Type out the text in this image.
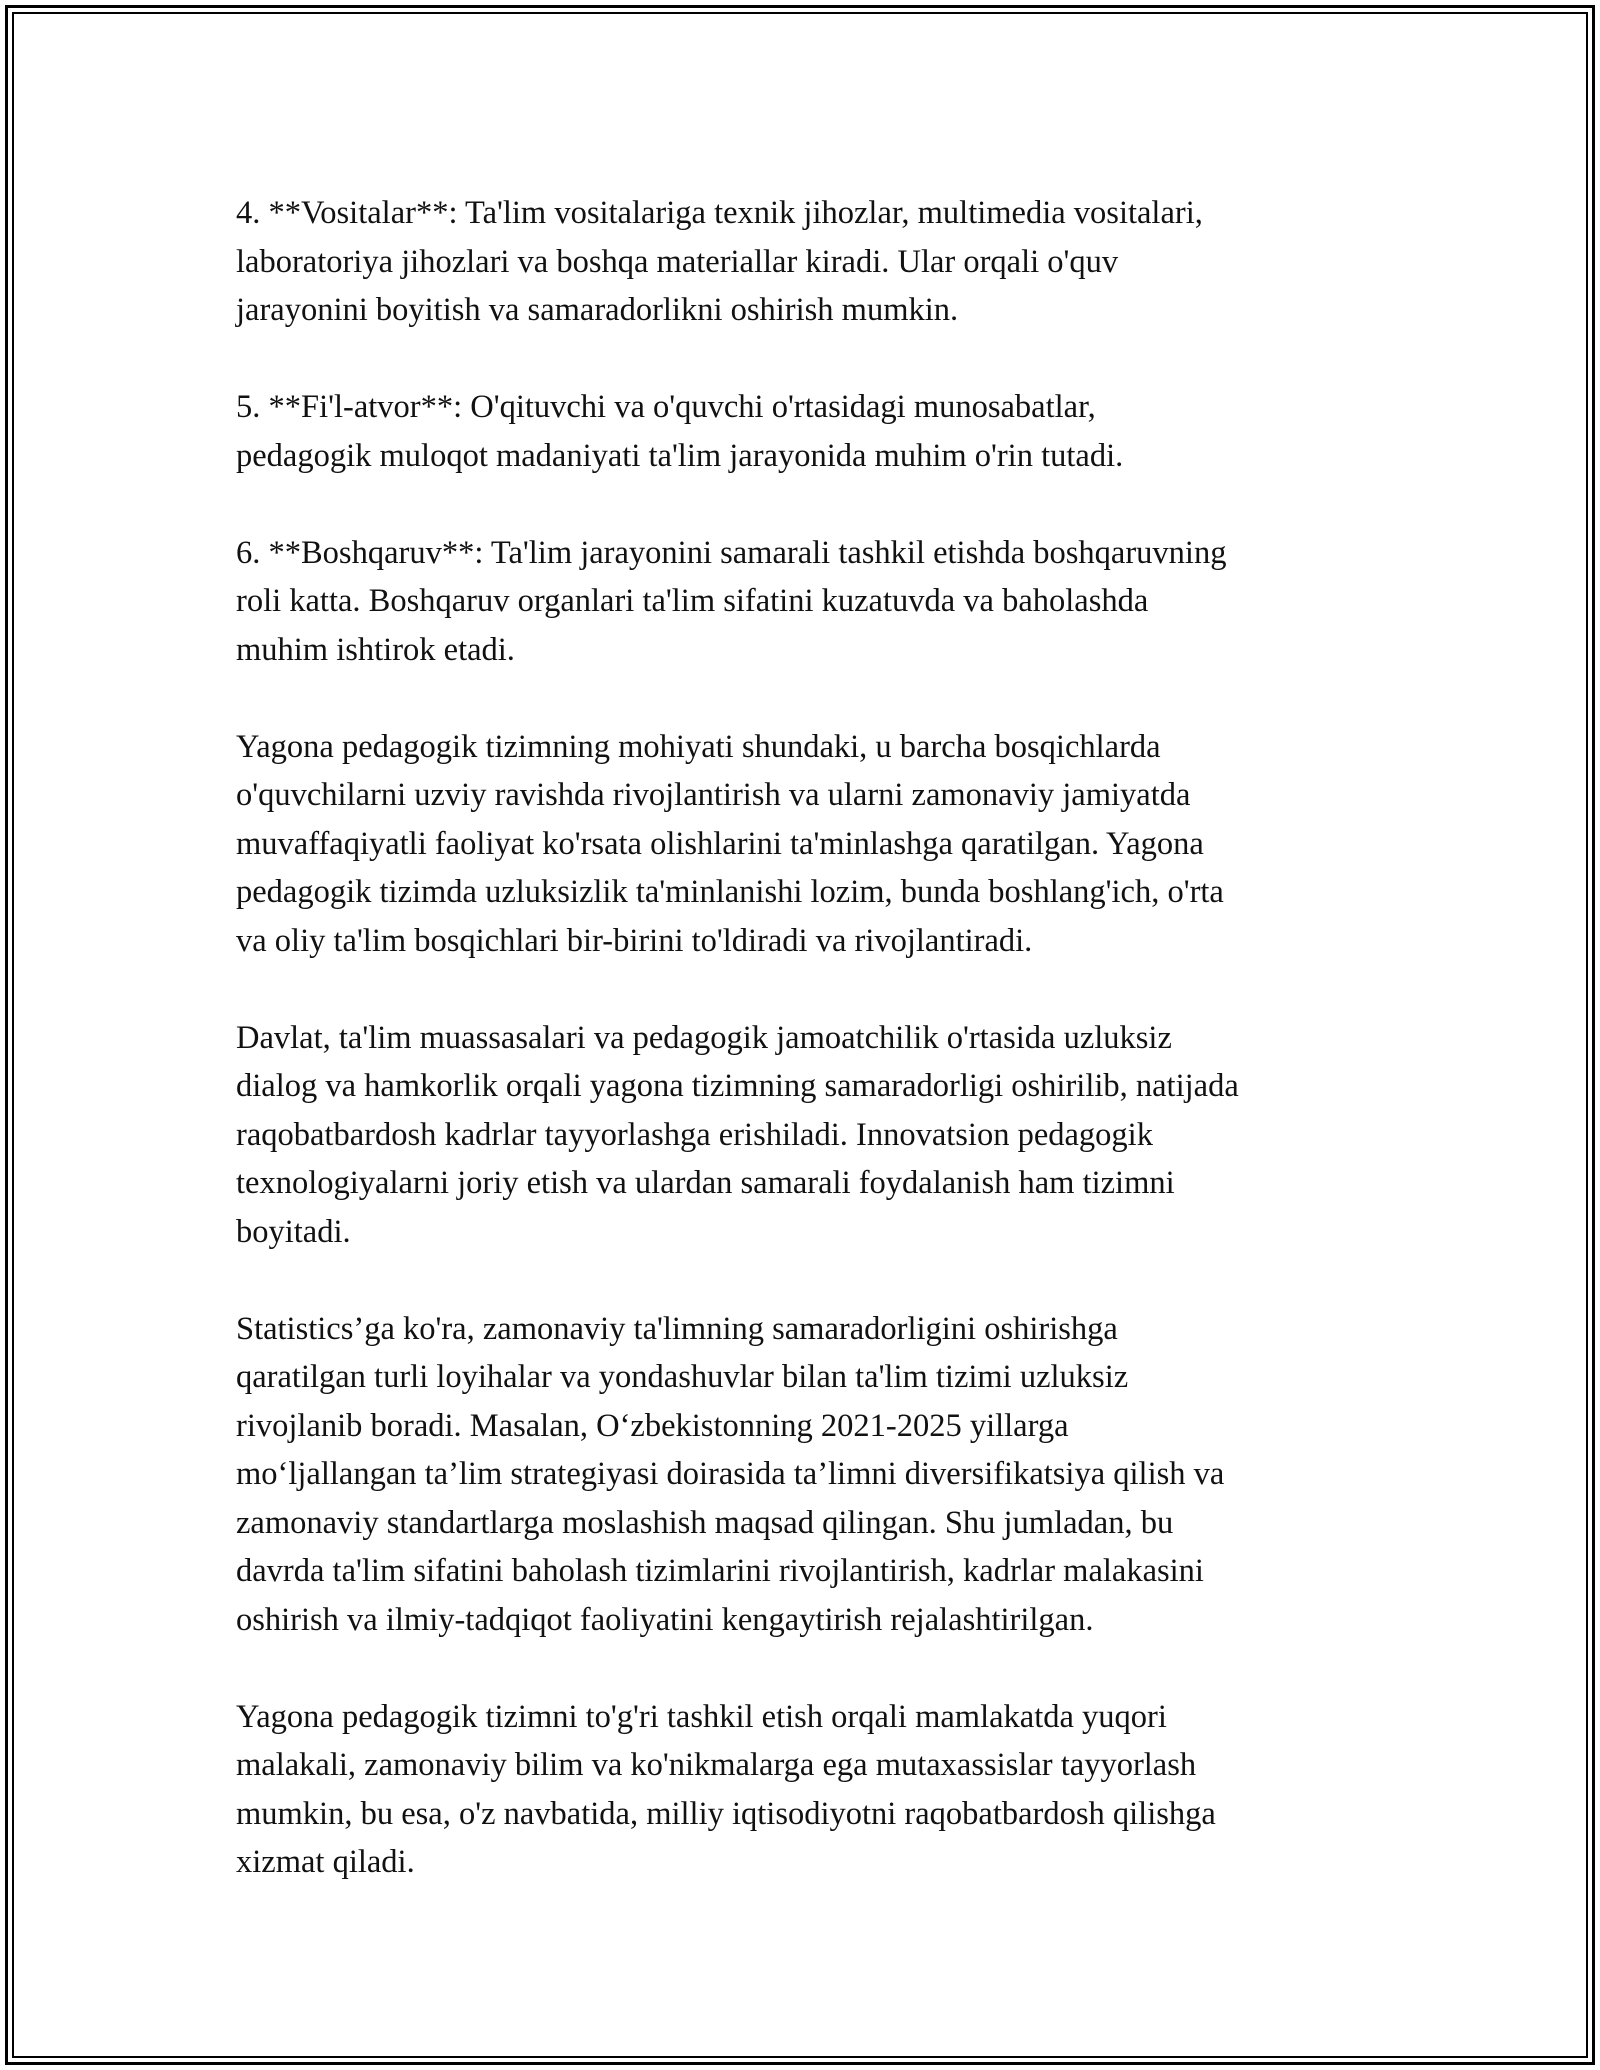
4. **Vositalar**: Ta'lim vositalariga texnik jihozlar, multimedia vositalari,
laboratoriya jihozlari va boshqa materiallar kiradi. Ular orqali o'quv
jarayonini boyitish va samaradorlikni oshirish mumkin.

5. **Fi'l-atvor**: O'qituvchi va o'quvchi o'rtasidagi munosabatlar,
pedagogik muloqot madaniyati ta'lim jarayonida muhim o'rin tutadi.

6. **Boshqaruv**: Ta'lim jarayonini samarali tashkil etishda boshqaruvning
roli katta. Boshqaruv organlari ta'lim sifatini kuzatuvda va baholashda
muhim ishtirok etadi.

Yagona pedagogik tizimning mohiyati shundaki, u barcha bosqichlarda
o'quvchilarni uzviy ravishda rivojlantirish va ularni zamonaviy jamiyatda
muvaffaqiyatli faoliyat ko'rsata olishlarini ta'minlashga qaratilgan. Yagona
pedagogik tizimda uzluksizlik ta'minlanishi lozim, bunda boshlang'ich, o'rta
va oliy ta'lim bosqichlari bir-birini to'ldiradi va rivojlantiradi.

Davlat, ta'lim muassasalari va pedagogik jamoatchilik o'rtasida uzluksiz
dialog va hamkorlik orqali yagona tizimning samaradorligi oshirilib, natijada
raqobatbardosh kadrlar tayyorlashga erishiladi. Innovatsion pedagogik
texnologiyalarni joriy etish va ulardan samarali foydalanish ham tizimni
boyitadi.

Statistics’ga ko'ra, zamonaviy ta'limning samaradorligini oshirishga
qaratilgan turli loyihalar va yondashuvlar bilan ta'lim tizimi uzluksiz
rivojlanib boradi. Masalan, O‘zbekistonning 2021-2025 yillarga
mo‘ljallangan ta’lim strategiyasi doirasida ta’limni diversifikatsiya qilish va
zamonaviy standartlarga moslashish maqsad qilingan. Shu jumladan, bu
davrda ta'lim sifatini baholash tizimlarini rivojlantirish, kadrlar malakasini
oshirish va ilmiy-tadqiqot faoliyatini kengaytirish rejalashtirilgan.

Yagona pedagogik tizimni to'g'ri tashkil etish orqali mamlakatda yuqori
malakali, zamonaviy bilim va ko'nikmalarga ega mutaxassislar tayyorlash
mumkin, bu esa, o'z navbatida, milliy iqtisodiyotni raqobatbardosh qilishga
xizmat qiladi.
